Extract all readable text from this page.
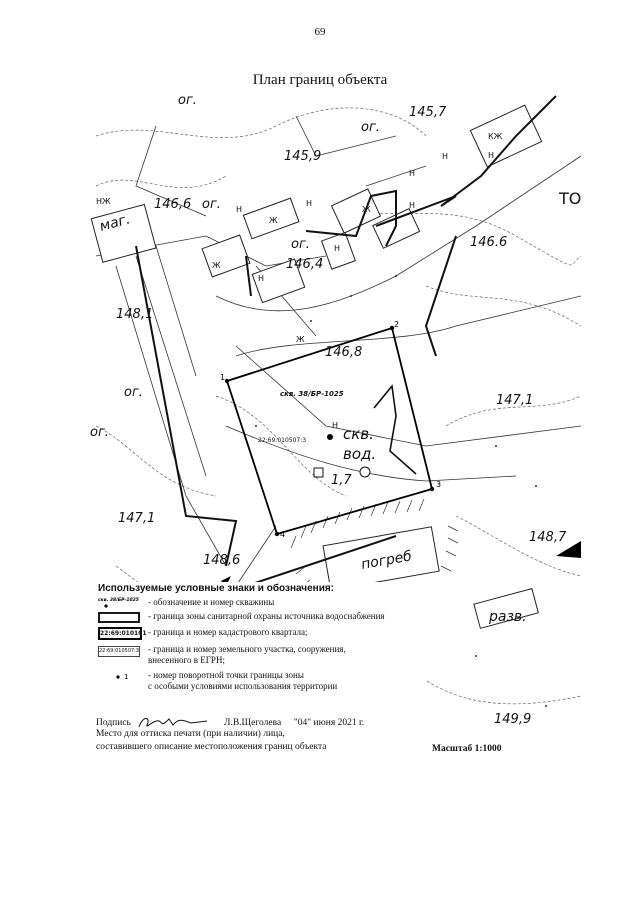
69
План границ объекта
1
2
3
4
скв. 38/БР-1025
22:69:010507:3 скв.
вод.
погреб
разв.
ТО
145,7
145,9
146,6
146.6
146,4
148,1
146,8
147,1
147,1
148,6
148,7
149,9
1,7
ог.
ог.
ог.
ог.
ог.
ог.
маг.
КЖ
Н
Н
Н
Н
Ж
Н
Ж
Ж	Н
Н
Н
Ж
НЖ
Н
Используемые условные знаки и обозначения:
скв. 38/БР-1025 - обозначение и номер скважины
- граница зоны санитарной охраны источника водоснабжения
22:69:010101 - граница и номер кадастрового квартала;
22:69:010507:3 - граница и номер земельного участка, сооружения,
внесенного в ЕГРН;
1 - номер поворотной точки границы зоны
с особыми условиями использования территории
Подпись	Л.В.Щеголева "04" июня 2021 г.
Место для оттиска печати (при наличии) лица,
составившего описание местоположения границ объекта	Масштаб 1:1000
